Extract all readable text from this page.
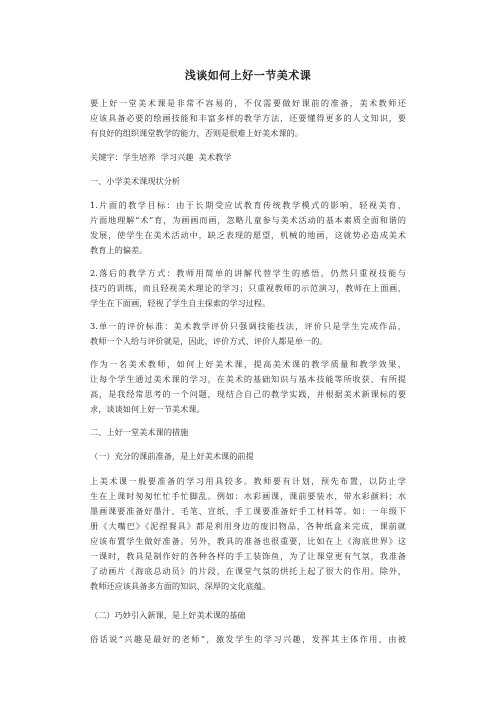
浅谈如何上好一节美术课
要上好一堂美术课是非常不容易的，不仅需要做好课前的准备，美术教师还
应该具备必要的绘画技能和丰富多样的教学方法，还要懂得更多的人文知识，要
有良好的组织课堂教学的能力，否则是很难上好美术课的。
关键字：学生培养  学习兴趣  美术教学
一、小学美术课现状分析
1.片面的教学目标：由于长期受应试教育传统教学模式的影响，轻视美育，
片面地理解“术”育，为画画而画，忽略儿童参与美术活动的基本素质全面和谐的
发展，使学生在美术活动中，缺乏表现的愿望，机械的地画，这就势必造成美术
教育上的偏差。
2.落后的教学方式：教师用简单的讲解代替学生的感悟，仍然只重视技能与
技巧的训练，而且轻视美术理论的学习；只重视教师的示范演习，教师在上面画，
学生在下面画，轻视了学生自主探索的学习过程。
3.单一的评价标准：美术教学评价只强调技能技法，评价只是学生完成作品，
教师一个人给与评价就是，因此，评价方式、评价人都是单一的。
作为一名美术教师，如何上好美术课，提高美术课的教学质量和教学效果，
让每个学生通过美术课的学习，在美术的基础知识与基本技能等所收获、有所提
高，是我经常思考的一个问题，现结合自己的教学实践，并根据美术新课标的要
求，谈谈如何上好一节美术课。
二、上好一堂美术课的措施
（一）充分的课前准备，是上好美术课的前提
上美术课一般要准备的学习用具较多。教师要有计划，预先布置，以防止学
生在上课时匆匆忙忙手忙脚乱。例如：水彩画课，课前要装水，带水彩颜料；水
墨画课要准备好墨汁、毛笔、宣纸，手工课要准备好手工材料等。如：一年级下
册《大嘴巴》《泥捏餐具》都是利用身边的废旧物品，各种纸盒来完成，课前就
应该布置学生做好准备。另外，教具的准备也很重要，比如在上《海底世界》这
一课时，教具是制作好的各种各样的手工装饰鱼，为了让课堂更有气氛，我准备
了动画片《海底总动员》的片段，在课堂气氛的烘托上起了很大的作用。除外，
教师还应该具备多方面的知识、深厚的文化底蕴。
（二）巧妙引入新课，是上好美术课的基础
俗话说“兴趣是最好的老师”，激发学生的学习兴趣，发挥其主体作用，由被
